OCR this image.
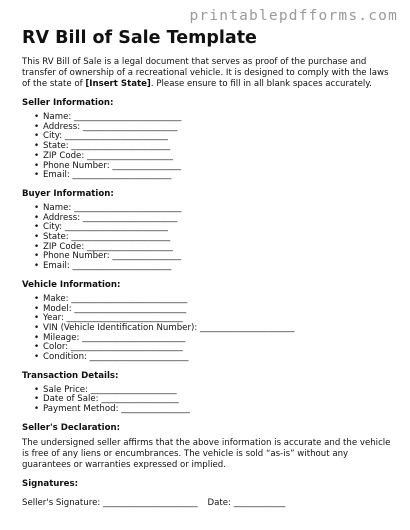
printablepdfforms.com
RV Bill of Sale Template

This RV Bill of Sale is a legal document that serves as proof of the purchase and transfer of ownership of a recreational vehicle. It is designed to comply with the laws of the state of [Insert State]. Please ensure to fill in all blank spaces accurately.

Seller Information:

• Name: _________________________
• Address: ______________________
• City: ________________________
• State: _______________________
• ZIP Code: ____________________
• Phone Number: ________________
• Email: _______________________

Buyer Information:

• Name: _________________________
• Address: ______________________
• City: ________________________
• State: _______________________
• ZIP Code: ____________________
• Phone Number: ________________
• Email: _______________________

Vehicle Information:

• Make: ___________________________
• Model: __________________________
• Year: ___________________________
• VIN (Vehicle Identification Number): ______________________
• Mileage: ________________________
• Color: __________________________
• Condition: _______________________

Transaction Details:

• Sale Price: ____________________
• Date of Sale: __________________
• Payment Method: ________________

Seller's Declaration:

The undersigned seller affirms that the above information is accurate and the vehicle is free of any liens or encumbrances. The vehicle is sold “as-is” without any guarantees or warranties expressed or implied.

Signatures:

Seller's Signature: ______________________ Date: ____________
